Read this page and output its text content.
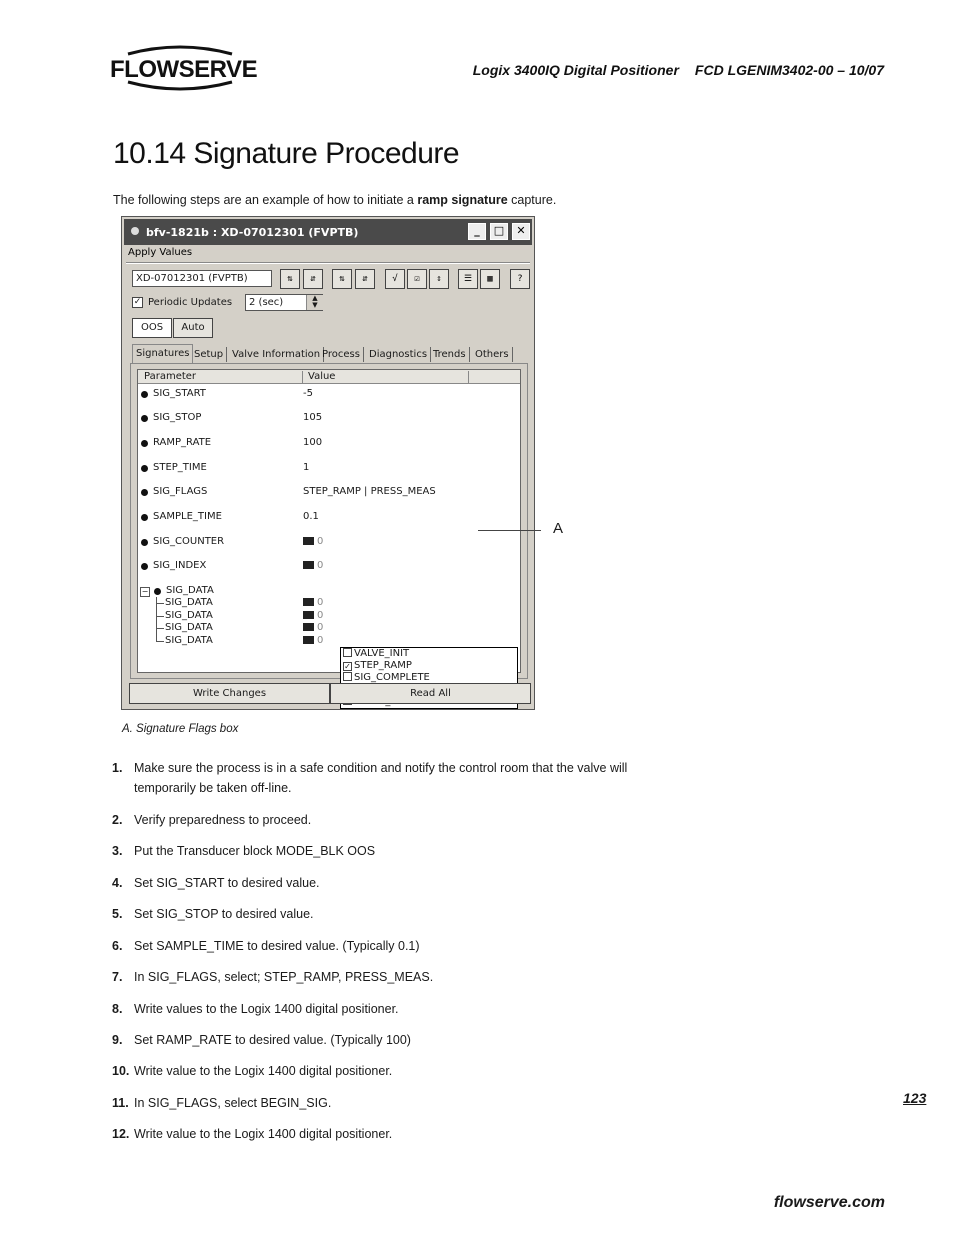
FLOWSERVE	Logix 3400IQ Digital Positioner FCD LGENIM3402-00 – 10/07
10.14 Signature Procedure
The following steps are an example of how to initiate a ramp signature capture.
bfv-1821b : XD-07012301 (FVPTB)	_	□	✕
Apply Values
XD-07012301 (FVPTB)	⇅	⇵	⇅	⇵	√	☑	⇕	☰	▦	?
✓ Periodic Updates	2 (sec)	▲
▼
OOS	Auto
Signatures Setup Valve Information Process Diagnostics Trends Others
Parameter	Value
SIG_START	-5
SIG_STOP	105
RAMP_RATE	100
STEP_TIME	1
SIG_FLAGS	STEP_RAMP | PRESS_MEAS
SAMPLE_TIME	0.1
SIG_COUNTER	0
SIG_INDEX	0
− SIG_DATA
SIG_DATA	0
SIG_DATA	0
SIG_DATA	0
SIG_DATA	0
VALVE_INIT
✓ STEP_RAMP
SIG_COMPLETE
Write Changes	Read All
A
A. Signature Flags box
1. Make sure the process is in a safe condition and notify the control room that the valve will temporarily be taken off-line.
2. Verify preparedness to proceed.
3. Put the Transducer block MODE_BLK OOS
4. Set SIG_START to desired value.
5. Set SIG_STOP to desired value.
6. Set SAMPLE_TIME to desired value. (Typically 0.1)
7. In SIG_FLAGS, select; STEP_RAMP, PRESS_MEAS.
8. Write values to the Logix 1400 digital positioner.
9. Set RAMP_RATE to desired value. (Typically 100)
10. Write value to the Logix 1400 digital positioner.
11. In SIG_FLAGS, select BEGIN_SIG.
12. Write value to the Logix 1400 digital positioner.
123
flowserve.com
